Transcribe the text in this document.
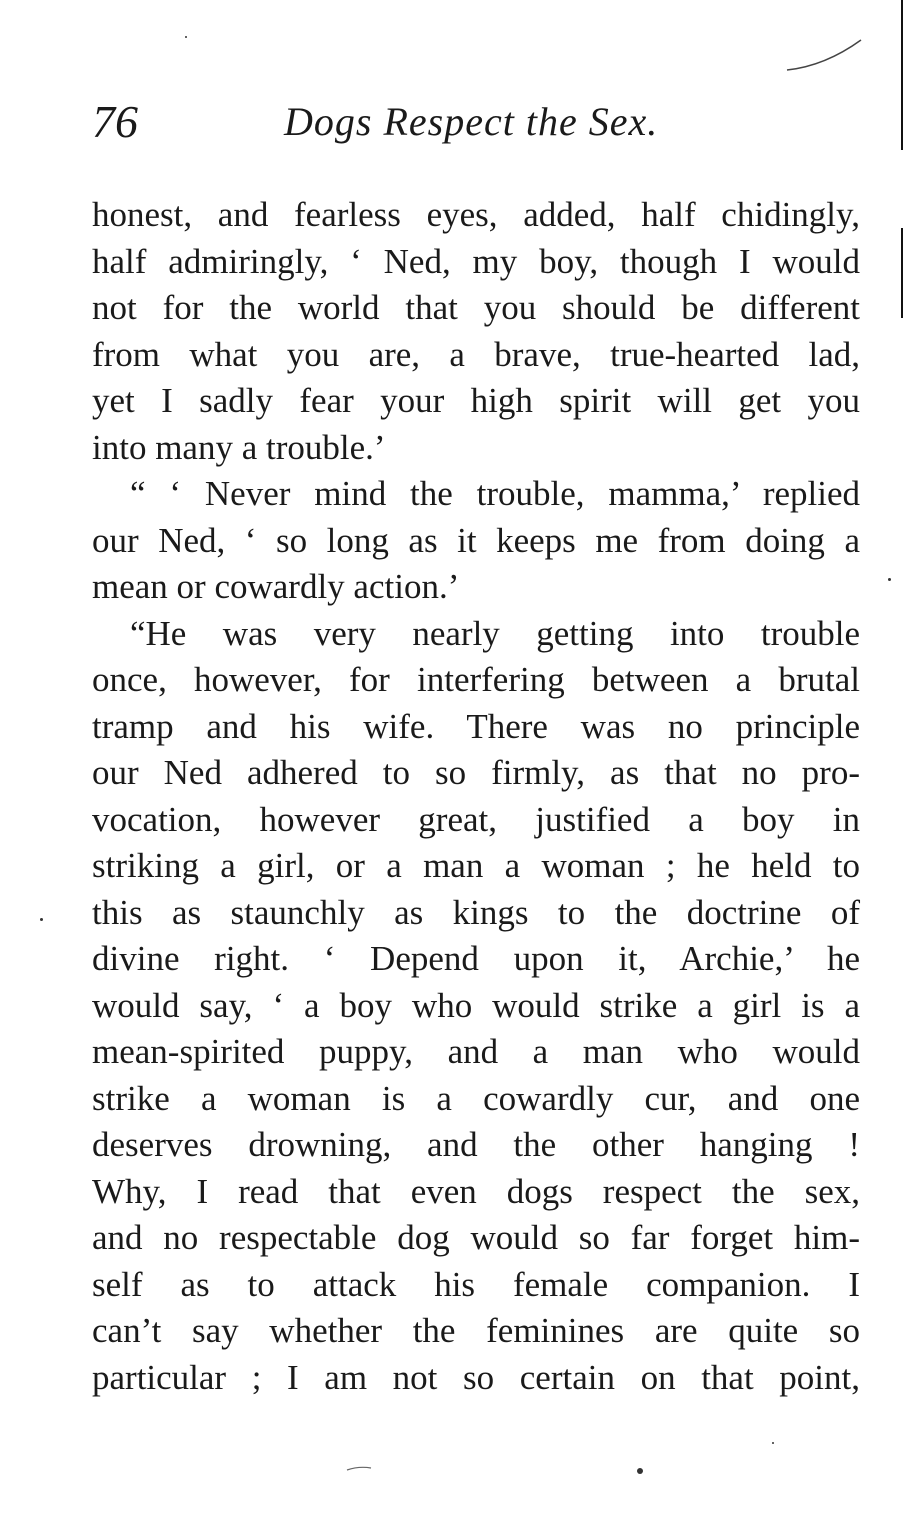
76	Dogs Respect the Sex.
honest, and fearless eyes, added, half chidingly,
half admiringly, ‘ Ned, my boy, though I would
not for the world that you should be different
from what you are, a brave, true-hearted lad,
yet I sadly fear your high spirit will get you
into many a trouble.’
“ ‘ Never mind the trouble, mamma,’ replied
our Ned, ‘ so long as it keeps me from doing a
mean or cowardly action.’
“He was very nearly getting into trouble
once, however, for interfering between a brutal
tramp and his wife. There was no principle
our Ned adhered to so firmly, as that no pro-
vocation, however great, justified a boy in
striking a girl, or a man a woman ; he held to
this as staunchly as kings to the doctrine of
divine right. ‘ Depend upon it, Archie,’ he
would say, ‘ a boy who would strike a girl is a
mean-spirited puppy, and a man who would
strike a woman is a cowardly cur, and one
deserves drowning, and the other hanging !
Why, I read that even dogs respect the sex,
and no respectable dog would so far forget him-
self as to attack his female companion. I
can’t say whether the feminines are quite so
particular ; I am not so certain on that point,
